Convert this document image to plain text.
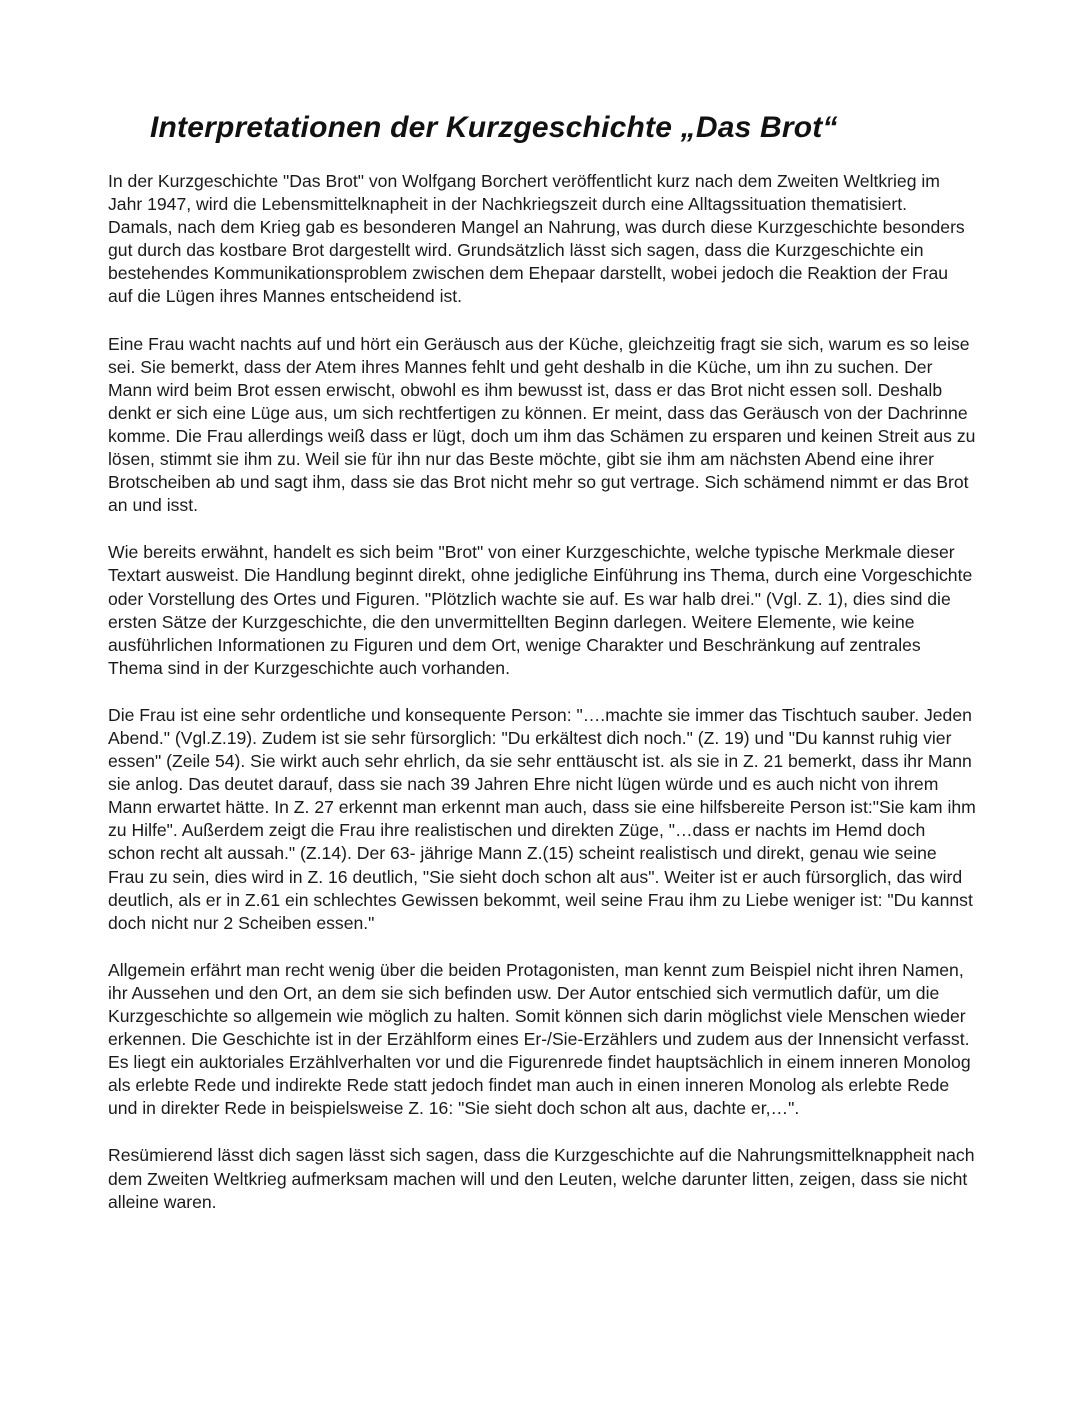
Interpretationen der Kurzgeschichte „Das Brot“

In der Kurzgeschichte "Das Brot" von Wolfgang Borchert veröffentlicht kurz nach dem Zweiten Weltkrieg im Jahr 1947, wird die Lebensmittelknapheit in der Nachkriegszeit durch eine Alltagssituation thematisiert. Damals, nach dem Krieg gab es besonderen Mangel an Nahrung, was durch diese Kurzgeschichte besonders gut durch das kostbare Brot dargestellt wird. Grundsätzlich lässt sich sagen, dass die Kurzgeschichte ein bestehendes Kommunikationsproblem zwischen dem Ehepaar darstellt, wobei jedoch die Reaktion der Frau auf die Lügen ihres Mannes entscheidend ist.

Eine Frau wacht nachts auf und hört ein Geräusch aus der Küche, gleichzeitig fragt sie sich, warum es so leise sei. Sie bemerkt, dass der Atem ihres Mannes fehlt und geht deshalb in die Küche, um ihn zu suchen. Der Mann wird beim Brot essen erwischt, obwohl es ihm bewusst ist, dass er das Brot nicht essen soll. Deshalb denkt er sich eine Lüge aus, um sich rechtfertigen zu können. Er meint, dass das Geräusch von der Dachrinne komme. Die Frau allerdings weiß dass er lügt, doch um ihm das Schämen zu ersparen und keinen Streit aus zu lösen, stimmt sie ihm zu. Weil sie für ihn nur das Beste möchte, gibt sie ihm am nächsten Abend eine ihrer Brotscheiben ab und sagt ihm, dass sie das Brot nicht mehr so gut vertrage. Sich schämend nimmt er das Brot an und isst.

Wie bereits erwähnt, handelt es sich beim "Brot" von einer Kurzgeschichte, welche typische Merkmale dieser Textart ausweist. Die Handlung beginnt direkt, ohne jedigliche Einführung ins Thema, durch eine Vorgeschichte oder Vorstellung des Ortes und Figuren. "Plötzlich wachte sie auf. Es war halb drei." (Vgl. Z. 1), dies sind die ersten Sätze der Kurzgeschichte, die den unvermittellten Beginn darlegen. Weitere Elemente, wie keine ausführlichen Informationen zu Figuren und dem Ort, wenige Charakter und Beschränkung auf zentrales Thema sind in der Kurzgeschichte auch vorhanden.

Die Frau ist eine sehr ordentliche und konsequente Person: "….machte sie immer das Tischtuch sauber. Jeden Abend." (Vgl.Z.19). Zudem ist sie sehr fürsorglich: "Du erkältest dich noch." (Z. 19) und "Du kannst ruhig vier essen" (Zeile 54). Sie wirkt auch sehr ehrlich, da sie sehr enttäuscht ist. als sie in Z. 21 bemerkt, dass ihr Mann sie anlog. Das deutet darauf, dass sie nach 39 Jahren Ehre nicht lügen würde und es auch nicht von ihrem Mann erwartet hätte. In Z. 27 erkennt man erkennt man auch, dass sie eine hilfsbereite Person ist:"Sie kam ihm zu Hilfe". Außerdem zeigt die Frau ihre realistischen und direkten Züge, "…dass er nachts im Hemd doch schon recht alt aussah." (Z.14). Der 63- jährige Mann Z.(15) scheint realistisch und direkt, genau wie seine Frau zu sein, dies wird in Z. 16 deutlich, "Sie sieht doch schon alt aus". Weiter ist er auch fürsorglich, das wird deutlich, als er in Z.61 ein schlechtes Gewissen bekommt, weil seine Frau ihm zu Liebe weniger ist: "Du kannst doch nicht nur 2 Scheiben essen."

Allgemein erfährt man recht wenig über die beiden Protagonisten, man kennt zum Beispiel nicht ihren Namen, ihr Aussehen und den Ort, an dem sie sich befinden usw. Der Autor entschied sich vermutlich dafür, um die Kurzgeschichte so allgemein wie möglich zu halten. Somit können sich darin möglichst viele Menschen wieder erkennen. Die Geschichte ist in der Erzählform eines Er-/Sie-Erzählers und zudem aus der Innensicht verfasst. Es liegt ein auktoriales Erzählverhalten vor und die Figurenrede findet hauptsächlich in einem inneren Monolog als erlebte Rede und indirekte Rede statt jedoch findet man auch in einen inneren Monolog als erlebte Rede und in direkter Rede in beispielsweise Z. 16: "Sie sieht doch schon alt aus, dachte er,…".

Resümierend lässt dich sagen lässt sich sagen, dass die Kurzgeschichte auf die Nahrungsmittelknappheit nach dem Zweiten Weltkrieg aufmerksam machen will und den Leuten, welche darunter litten, zeigen, dass sie nicht alleine waren.
